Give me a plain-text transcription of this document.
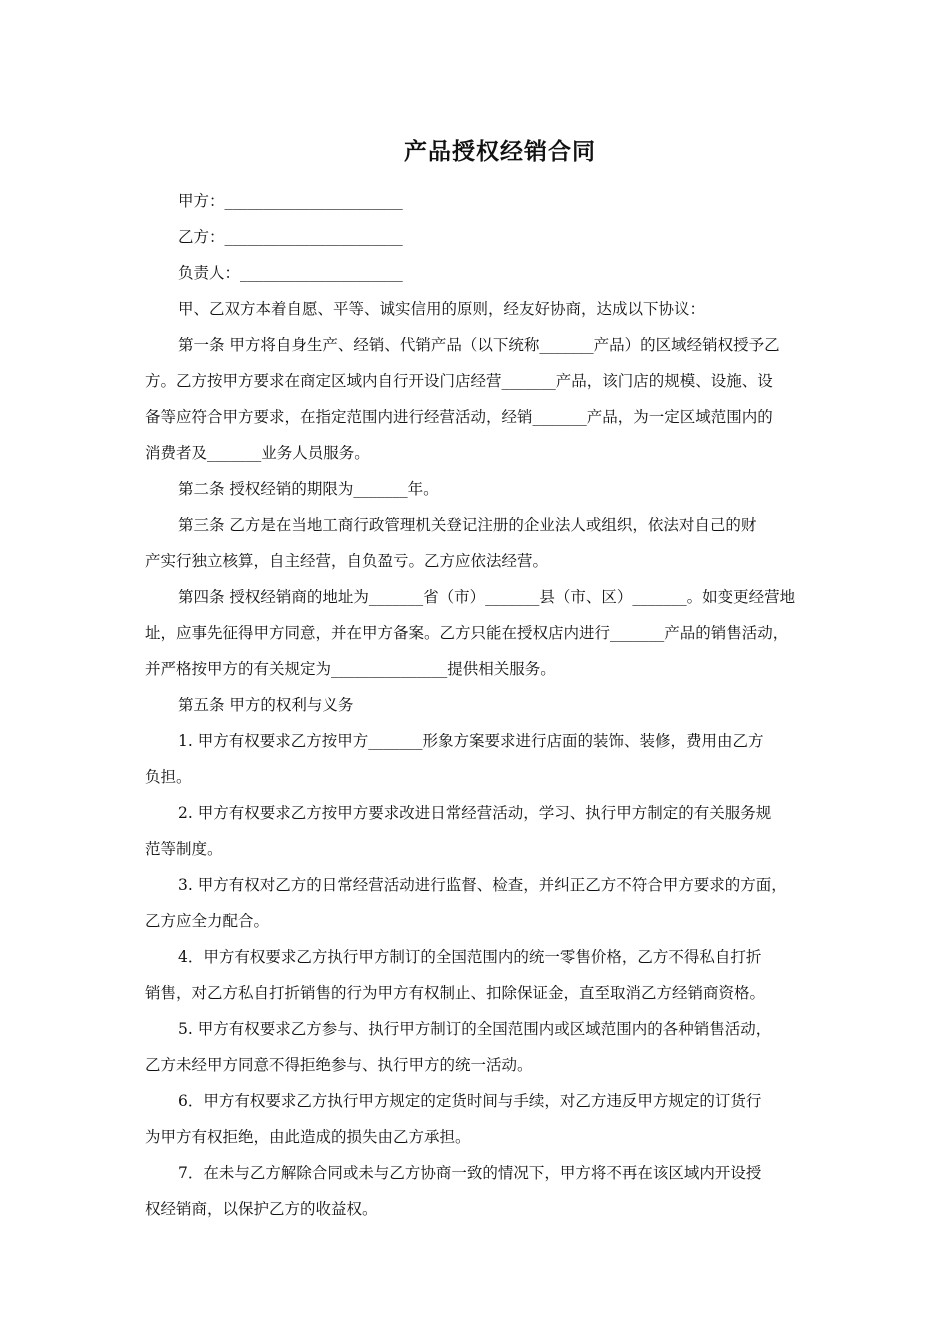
产品授权经销合同
甲方：_______________________
乙方：_______________________
负责人：_____________________
甲、乙双方本着自愿、平等、诚实信用的原则，经友好协商，达成以下协议：
第一条 甲方将自身生产、经销、代销产品（以下统称_______产品）的区域经销权授予乙
方。乙方按甲方要求在商定区域内自行开设门店经营_______产品，该门店的规模、设施、设
备等应符合甲方要求，在指定范围内进行经营活动，经销_______产品，为一定区域范围内的
消费者及_______业务人员服务。
第二条 授权经销的期限为_______年。
第三条 乙方是在当地工商行政管理机关登记注册的企业法人或组织，依法对自己的财
产实行独立核算，自主经营，自负盈亏。乙方应依法经营。
第四条 授权经销商的地址为_______省（市）_______县（市、区）_______。如变更经营地
址，应事先征得甲方同意，并在甲方备案。乙方只能在授权店内进行_______产品的销售活动，
并严格按甲方的有关规定为_______________提供相关服务。
第五条 甲方的权利与义务
1. 甲方有权要求乙方按甲方_______形象方案要求进行店面的装饰、装修，费用由乙方
负担。
2. 甲方有权要求乙方按甲方要求改进日常经营活动，学习、执行甲方制定的有关服务规
范等制度。
3. 甲方有权对乙方的日常经营活动进行监督、检查，并纠正乙方不符合甲方要求的方面，
乙方应全力配合。
4．甲方有权要求乙方执行甲方制订的全国范围内的统一零售价格，乙方不得私自打折
销售，对乙方私自打折销售的行为甲方有权制止、扣除保证金，直至取消乙方经销商资格。
5. 甲方有权要求乙方参与、执行甲方制订的全国范围内或区域范围内的各种销售活动，
乙方未经甲方同意不得拒绝参与、执行甲方的统一活动。
6．甲方有权要求乙方执行甲方规定的定货时间与手续，对乙方违反甲方规定的订货行
为甲方有权拒绝，由此造成的损失由乙方承担。
7．在未与乙方解除合同或未与乙方协商一致的情况下，甲方将不再在该区域内开设授
权经销商，以保护乙方的收益权。
